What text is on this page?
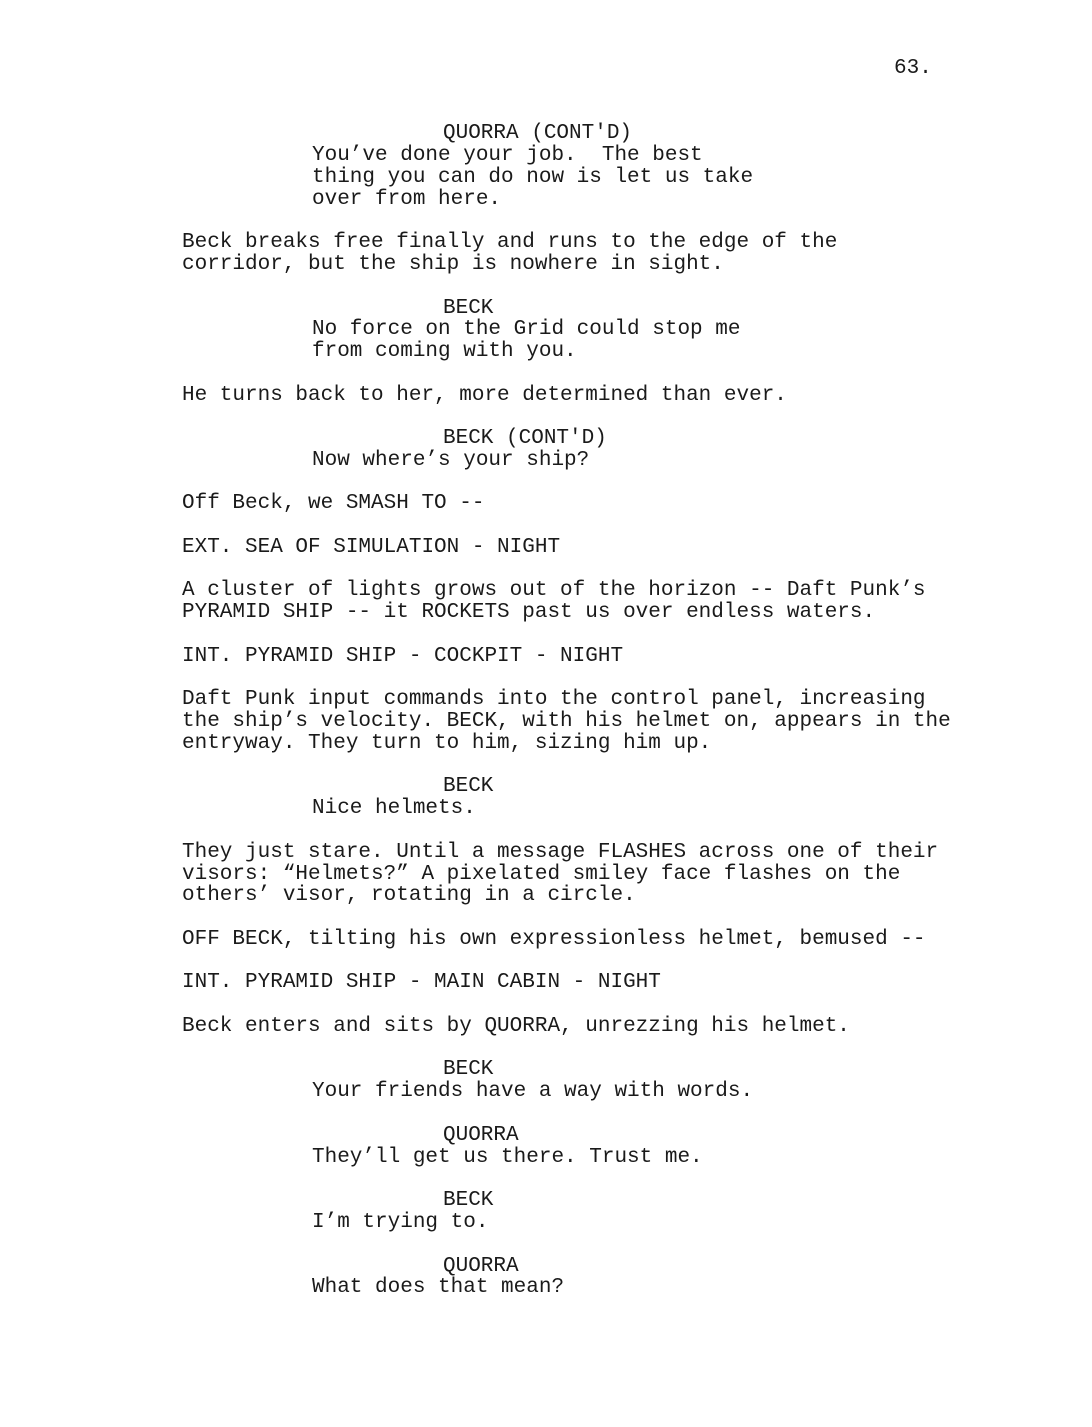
63.
QUORRA (CONT'D)
You’ve done your job.  The best
thing you can do now is let us take
over from here.
Beck breaks free finally and runs to the edge of the
corridor, but the ship is nowhere in sight.
BECK
No force on the Grid could stop me
from coming with you.
He turns back to her, more determined than ever.
BECK (CONT'D)
Now where’s your ship?
Off Beck, we SMASH TO --
EXT. SEA OF SIMULATION - NIGHT
A cluster of lights grows out of the horizon -- Daft Punk’s
PYRAMID SHIP -- it ROCKETS past us over endless waters.
INT. PYRAMID SHIP - COCKPIT - NIGHT
Daft Punk input commands into the control panel, increasing
the ship’s velocity. BECK, with his helmet on, appears in the
entryway. They turn to him, sizing him up.
BECK
Nice helmets.
They just stare. Until a message FLASHES across one of their
visors: “Helmets?” A pixelated smiley face flashes on the
others’ visor, rotating in a circle.
OFF BECK, tilting his own expressionless helmet, bemused --
INT. PYRAMID SHIP - MAIN CABIN - NIGHT
Beck enters and sits by QUORRA, unrezzing his helmet.
BECK
Your friends have a way with words.
QUORRA
They’ll get us there. Trust me.
BECK
I’m trying to.
QUORRA
What does that mean?
